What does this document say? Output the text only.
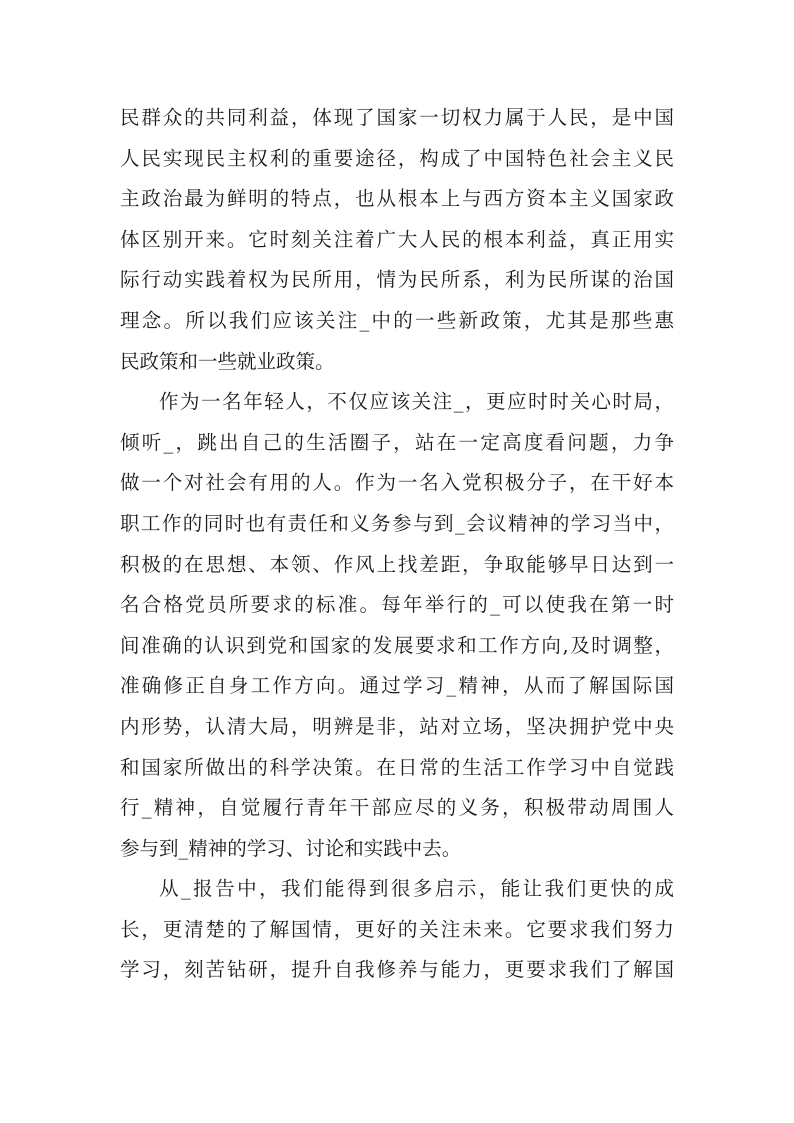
民群众的共同利益，体现了国家一切权力属于人民，是中国
人民实现民主权利的重要途径，构成了中国特色社会主义民
主政治最为鲜明的特点，也从根本上与西方资本主义国家政
体区别开来。它时刻关注着广大人民的根本利益，真正用实
际行动实践着权为民所用，情为民所系，利为民所谋的治国
理念。所以我们应该关注_中的一些新政策，尤其是那些惠
民政策和一些就业政策。
作为一名年轻人，不仅应该关注_，更应时时关心时局，
倾听_，跳出自己的生活圈子，站在一定高度看问题，力争
做一个对社会有用的人。作为一名入党积极分子，在干好本
职工作的同时也有责任和义务参与到_会议精神的学习当中，
积极的在思想、本领、作风上找差距，争取能够早日达到一
名合格党员所要求的标准。每年举行的_可以使我在第一时
间准确的认识到党和国家的发展要求和工作方向,及时调整，
准确修正自身工作方向。通过学习_精神，从而了解国际国
内形势，认清大局，明辨是非，站对立场，坚决拥护党中央
和国家所做出的科学决策。在日常的生活工作学习中自觉践
行_精神，自觉履行青年干部应尽的义务，积极带动周围人
参与到_精神的学习、讨论和实践中去。
从_报告中，我们能得到很多启示，能让我们更快的成
长，更清楚的了解国情，更好的关注未来。它要求我们努力
学习，刻苦钻研，提升自我修养与能力，更要求我们了解国
